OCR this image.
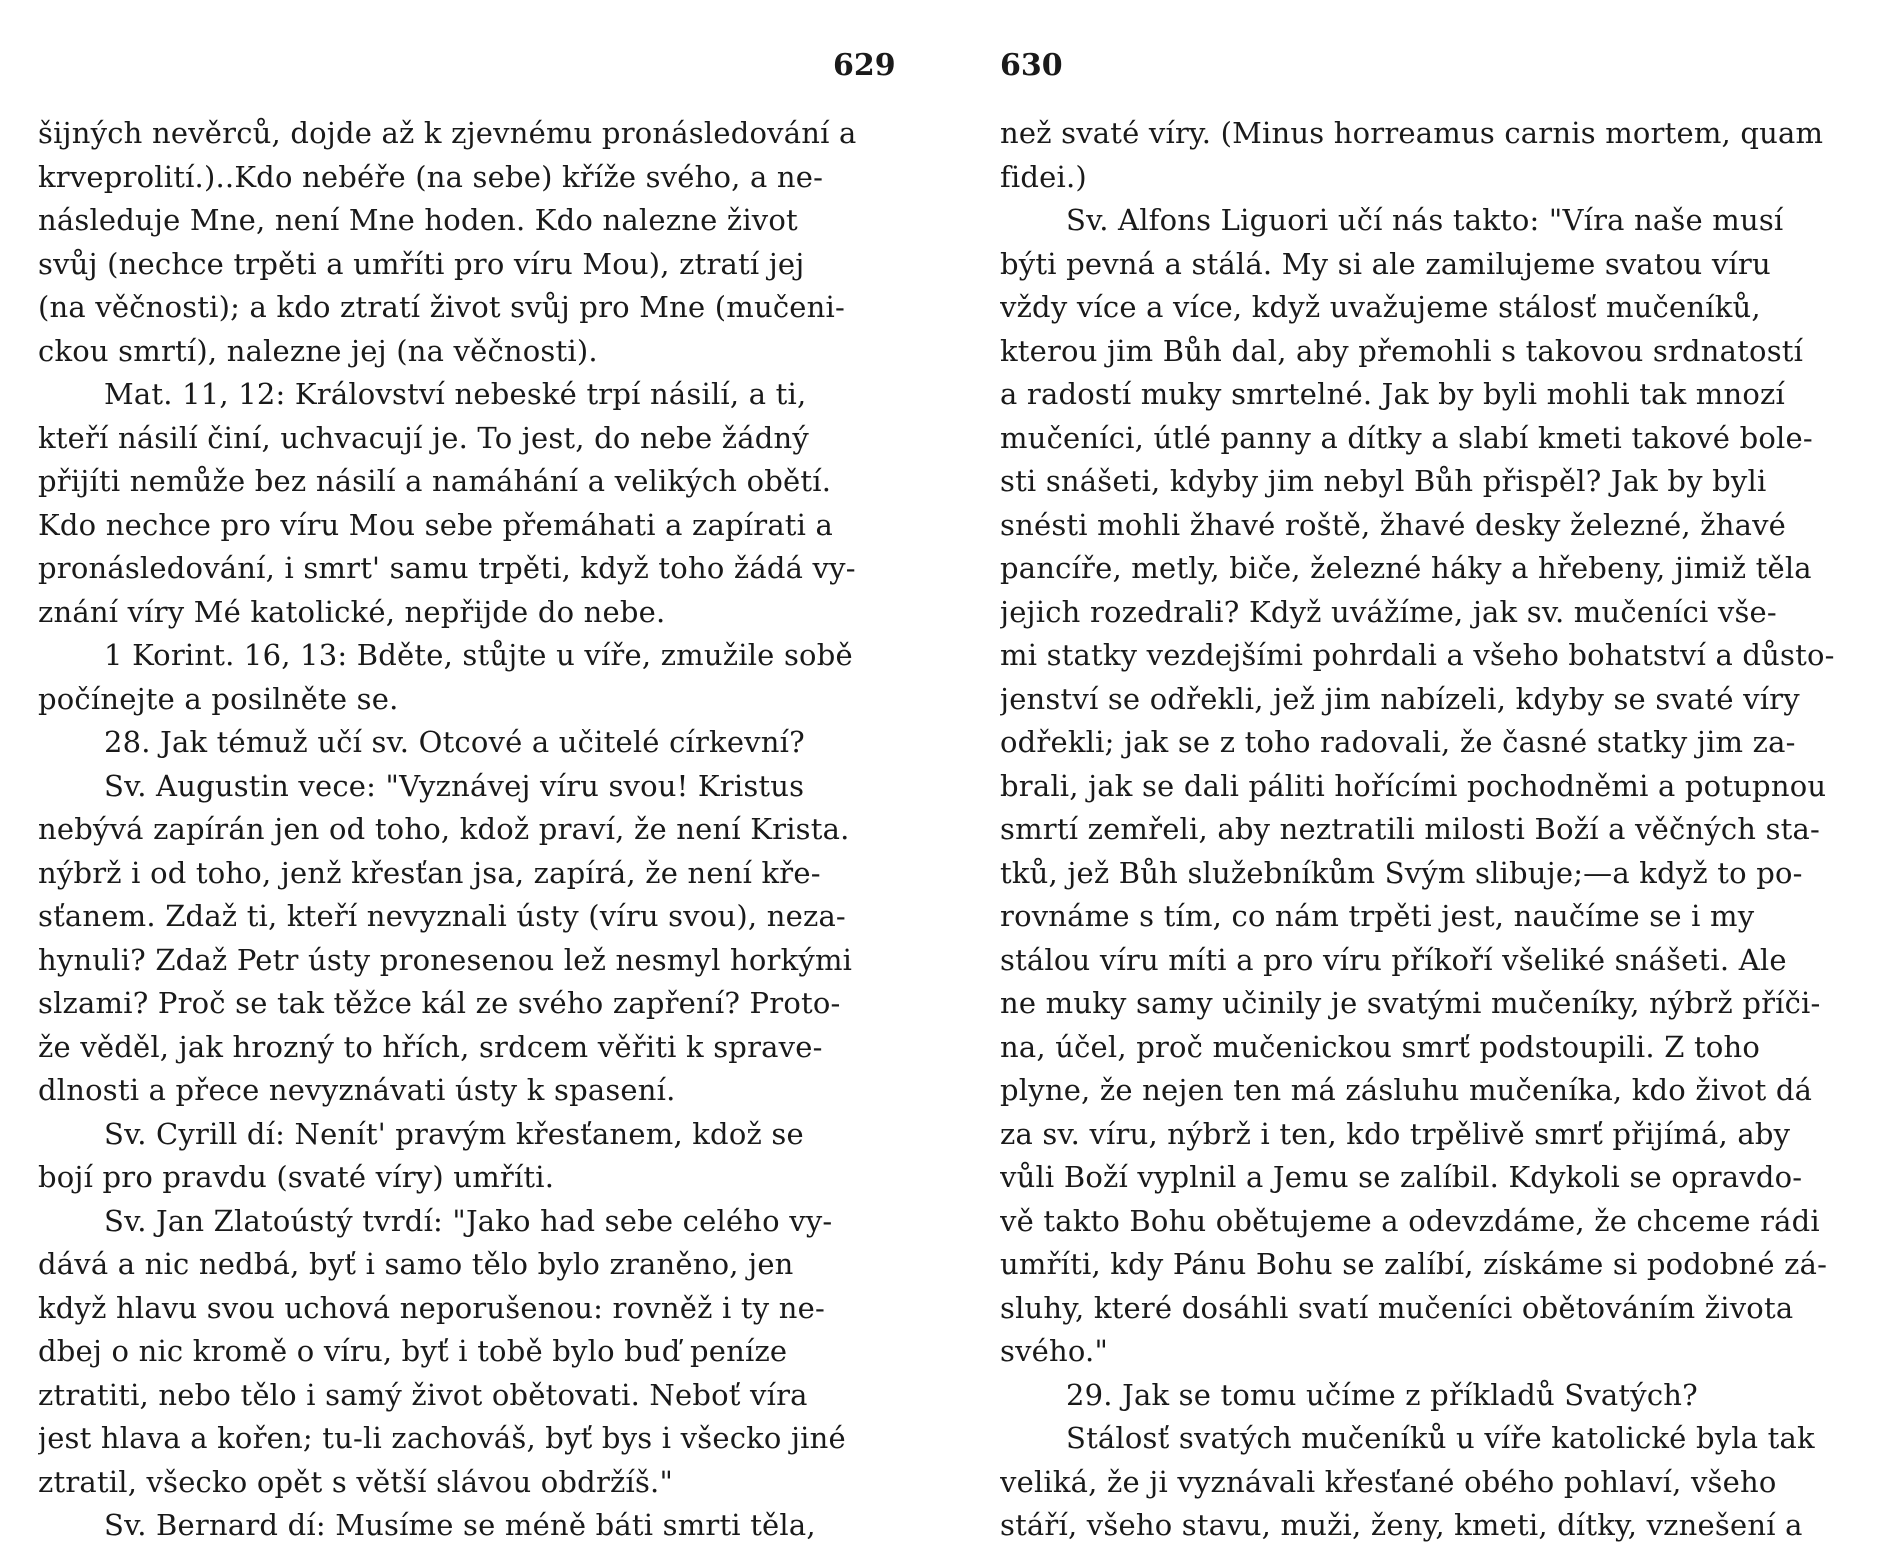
629
šijných nevěrců, dojde až k zjevnému pronásledování a
krveprolití.)..Kdo nebéře (na sebe) kříže svého, a ne-
následuje Mne, není Mne hoden. Kdo nalezne život
svůj (nechce trpěti a umříti pro víru Mou), ztratí jej
(na věčnosti); a kdo ztratí život svůj pro Mne (mučeni-
ckou smrtí), nalezne jej (na věčnosti).
Mat. 11, 12: Království nebeské trpí násilí, a ti,
kteří násilí činí, uchvacují je. To jest, do nebe žádný
přijíti nemůže bez násilí a namáhání a velikých obětí.
Kdo nechce pro víru Mou sebe přemáhati a zapírati a
pronásledování, i smrt' samu trpěti, když toho žádá vy-
znání víry Mé katolické, nepřijde do nebe.
1 Korint. 16, 13: Bděte, stůjte u víře, zmužile sobě
počínejte a posilněte se.
28. Jak témuž učí sv. Otcové a učitelé církevní?
Sv. Augustin vece: "Vyznávej víru svou! Kristus
nebývá zapírán jen od toho, kdož praví, že není Krista.
nýbrž i od toho, jenž křesťan jsa, zapírá, že není kře-
sťanem. Zdaž ti, kteří nevyznali ústy (víru svou), neza-
hynuli? Zdaž Petr ústy pronesenou lež nesmyl horkými
slzami? Proč se tak těžce kál ze svého zapření? Proto-
že věděl, jak hrozný to hřích, srdcem věřiti k sprave-
dlnosti a přece nevyznávati ústy k spasení.
Sv. Cyrill dí: Nenít' pravým křesťanem, kdož se
bojí pro pravdu (svaté víry) umříti.
Sv. Jan Zlatoústý tvrdí: "Jako had sebe celého vy-
dává a nic nedbá, byť i samo tělo bylo zraněno, jen
když hlavu svou uchová neporušenou: rovněž i ty ne-
dbej o nic kromě o víru, byť i tobě bylo buď peníze
ztratiti, nebo tělo i samý život obětovati. Neboť víra
jest hlava a kořen; tu-li zachováš, byť bys i všecko jiné
ztratil, všecko opět s větší slávou obdržíš."
Sv. Bernard dí: Musíme se méně báti smrti těla,
630
než svaté víry. (Minus horreamus carnis mortem, quam
fidei.)
Sv. Alfons Liguori učí nás takto: "Víra naše musí
býti pevná a stálá. My si ale zamilujeme svatou víru
vždy více a více, když uvažujeme stálosť mučeníků,
kterou jim Bůh dal, aby přemohli s takovou srdnatostí
a radostí muky smrtelné. Jak by byli mohli tak mnozí
mučeníci, útlé panny a dítky a slabí kmeti takové bole-
sti snášeti, kdyby jim nebyl Bůh přispěl? Jak by byli
snésti mohli žhavé roště, žhavé desky železné, žhavé
pancíře, metly, biče, železné háky a hřebeny, jimiž těla
jejich rozedrali? Když uvážíme, jak sv. mučeníci vše-
mi statky vezdejšími pohrdali a všeho bohatství a důsto-
jenství se odřekli, jež jim nabízeli, kdyby se svaté víry
odřekli; jak se z toho radovali, že časné statky jim za-
brali, jak se dali páliti hořícími pochodněmi a potupnou
smrtí zemřeli, aby neztratili milosti Boží a věčných sta-
tků, jež Bůh služebníkům Svým slibuje;—a když to po-
rovnáme s tím, co nám trpěti jest, naučíme se i my
stálou víru míti a pro víru příkoří všeliké snášeti. Ale
ne muky samy učinily je svatými mučeníky, nýbrž příči-
na, účel, proč mučenickou smrť podstoupili. Z toho
plyne, že nejen ten má zásluhu mučeníka, kdo život dá
za sv. víru, nýbrž i ten, kdo trpělivě smrť přijímá, aby
vůli Boží vyplnil a Jemu se zalíbil. Kdykoli se opravdo-
vě takto Bohu obětujeme a odevzdáme, že chceme rádi
umříti, kdy Pánu Bohu se zalíbí, získáme si podobné zá-
sluhy, které dosáhli svatí mučeníci obětováním života
svého."
29. Jak se tomu učíme z příkladů Svatých?
Stálosť svatých mučeníků u víře katolické byla tak
veliká, že ji vyznávali křesťané obého pohlaví, všeho
stáří, všeho stavu, muži, ženy, kmeti, dítky, vznešení a
